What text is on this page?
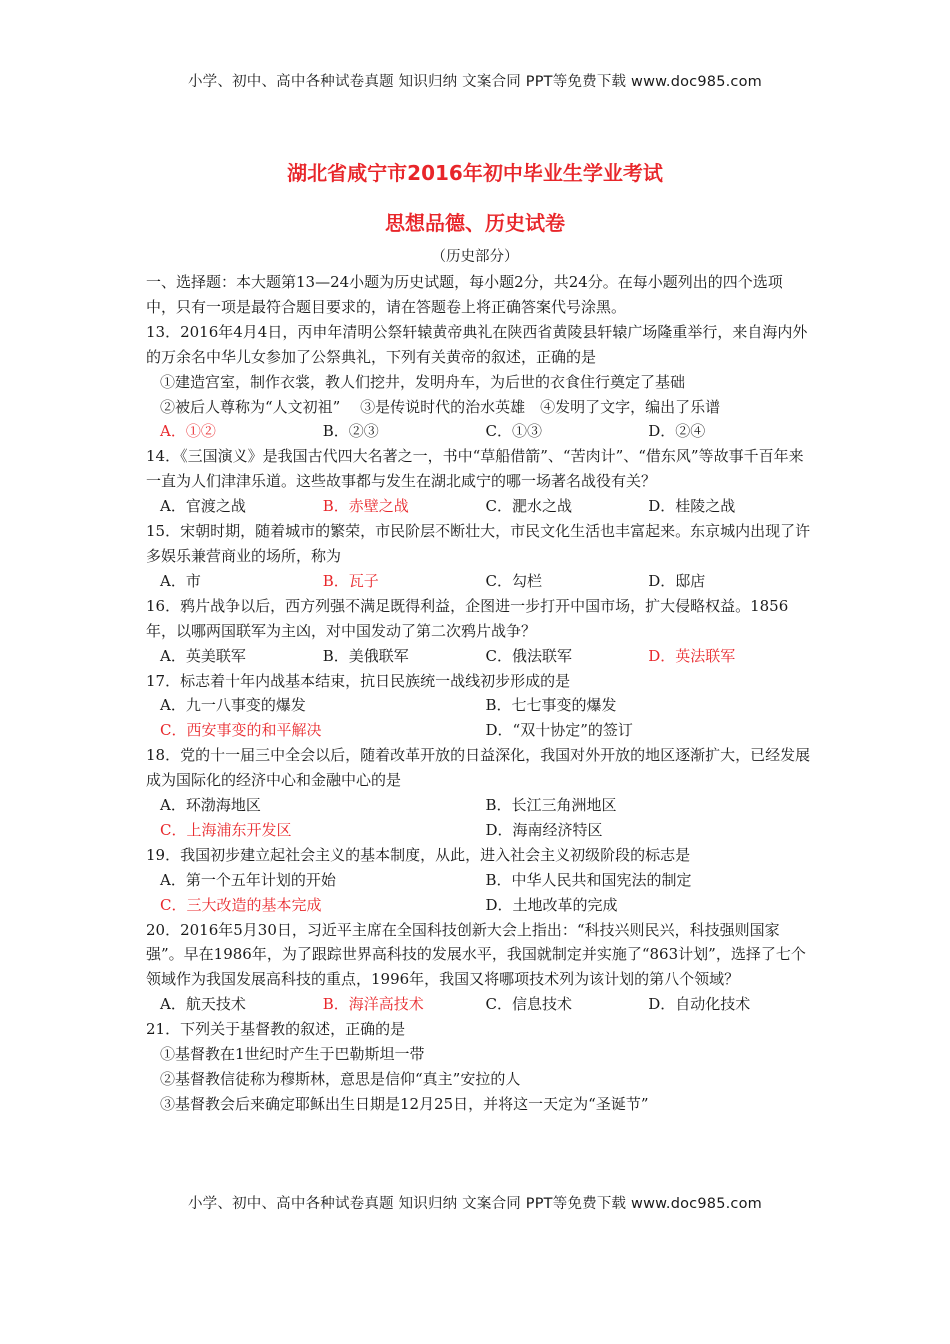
小学、初中、高中各种试卷真题 知识归纳 文案合同 PPT等免费下载 www.doc985.com
湖北省咸宁市2016年初中毕业生学业考试
思想品德、历史试卷
（历史部分）

一、选择题：本大题第13—24小题为历史试题，每小题2分，共24分。在每小题列出的四个选项中，只有一项是最符合题目要求的，请在答题卷上将正确答案代号涂黑。

13．2016年4月4日，丙申年清明公祭轩辕黄帝典礼在陕西省黄陵县轩辕广场隆重举行，来自海内外的万余名中华儿女参加了公祭典礼，下列有关黄帝的叙述，正确的是

①建造宫室，制作衣裳，教人们挖井，发明舟车，为后世的衣食住行奠定了基础

②被后人尊称为“人文初祖”　 ③是传说时代的治水英雄　④发明了文字，编出了乐谱

A．①②	B．②③	C．①③	D．②④

14．《三国演义》是我国古代四大名著之一，书中“草船借箭”、“苦肉计”、“借东风”等故事千百年来一直为人们津津乐道。这些故事都与发生在湖北咸宁的哪一场著名战役有关？

A．官渡之战	B．赤壁之战	C．淝水之战	D．桂陵之战

15．宋朝时期，随着城市的繁荣，市民阶层不断壮大，市民文化生活也丰富起来。东京城内出现了许多娱乐兼营商业的场所，称为

A．市	B．瓦子	C．勾栏	D．邸店

16．鸦片战争以后，西方列强不满足既得利益，企图进一步打开中国市场，扩大侵略权益。1856年，以哪两国联军为主凶，对中国发动了第二次鸦片战争？

A．英美联军	B．美俄联军	C．俄法联军	D．英法联军

17．标志着十年内战基本结束，抗日民族统一战线初步形成的是

A．九一八事变的爆发	B．七七事变的爆发
C．西安事变的和平解决	D．“双十协定”的签订

18．党的十一届三中全会以后，随着改革开放的日益深化，我国对外开放的地区逐渐扩大，已经发展成为国际化的经济中心和金融中心的是

A．环渤海地区	B．长江三角洲地区
C．上海浦东开发区	D．海南经济特区

19．我国初步建立起社会主义的基本制度，从此，进入社会主义初级阶段的标志是

A．第一个五年计划的开始	B．中华人民共和国宪法的制定
C．三大改造的基本完成	D．土地改革的完成

20．2016年5月30日，习近平主席在全国科技创新大会上指出：“科技兴则民兴，科技强则国家强”。早在1986年，为了跟踪世界高科技的发展水平，我国就制定并实施了“863计划”，选择了七个领域作为我国发展高科技的重点，1996年，我国又将哪项技术列为该计划的第八个领域？

A．航天技术	B．海洋高技术	C．信息技术	D．自动化技术

21．下列关于基督教的叙述，正确的是

①基督教在1世纪时产生于巴勒斯坦一带

②基督教信徒称为穆斯林，意思是信仰“真主”安拉的人

③基督教会后来确定耶稣出生日期是12月25日，并将这一天定为“圣诞节”

小学、初中、高中各种试卷真题 知识归纳 文案合同 PPT等免费下载 www.doc985.com
